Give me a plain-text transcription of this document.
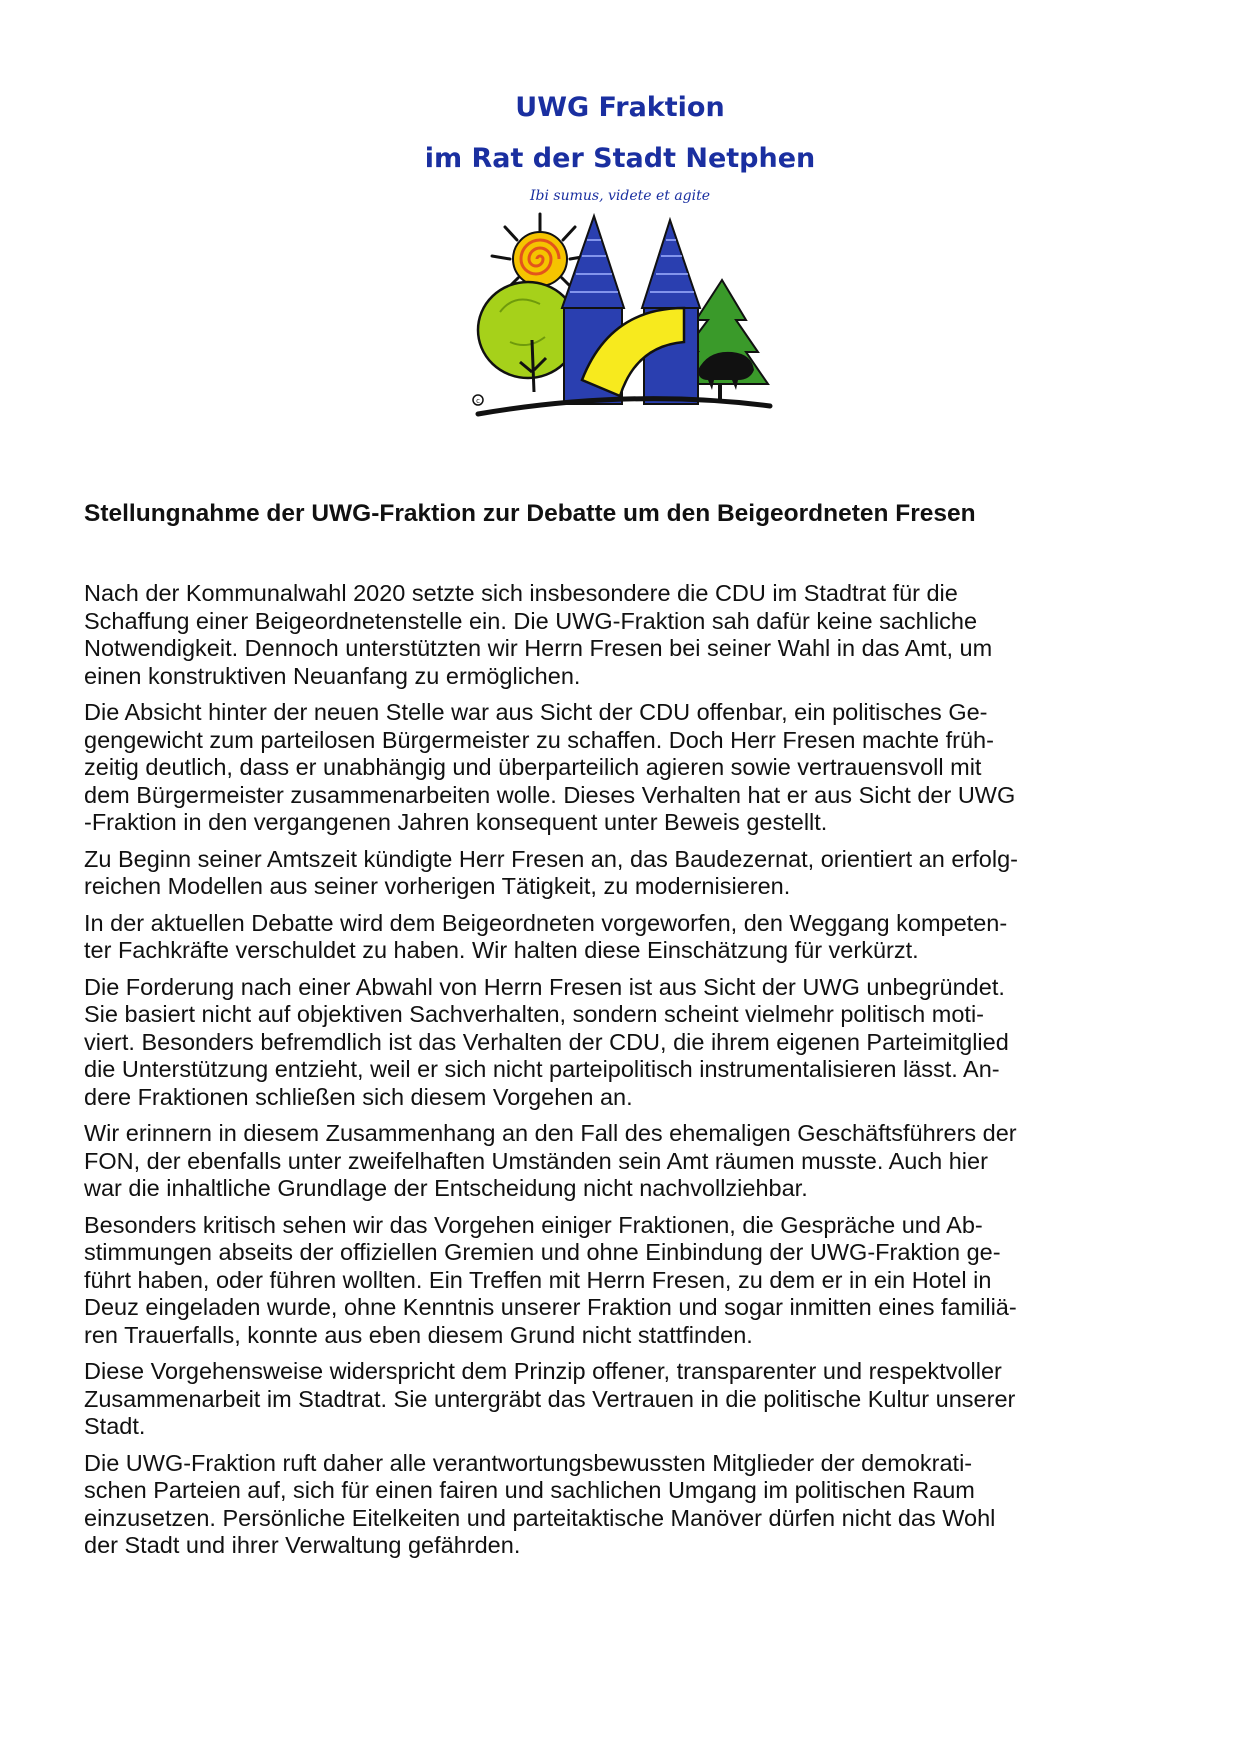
UWG Fraktion
im Rat der Stadt Netphen
Ibi sumus, videte et agite
c
Stellungnahme der UWG-Fraktion zur Debatte um den Beigeordneten Fresen

Nach der Kommunalwahl 2020 setzte sich insbesondere die CDU im Stadtrat für die
Schaffung einer Beigeordnetenstelle ein. Die UWG-Fraktion sah dafür keine sachliche
Notwendigkeit. Dennoch unterstützten wir Herrn Fresen bei seiner Wahl in das Amt, um
einen konstruktiven Neuanfang zu ermöglichen.

Die Absicht hinter der neuen Stelle war aus Sicht der CDU offenbar, ein politisches Ge-
gengewicht zum parteilosen Bürgermeister zu schaffen. Doch Herr Fresen machte früh-
zeitig deutlich, dass er unabhängig und überparteilich agieren sowie vertrauensvoll mit
dem Bürgermeister zusammenarbeiten wolle. Dieses Verhalten hat er aus Sicht der UWG
-Fraktion in den vergangenen Jahren konsequent unter Beweis gestellt.

Zu Beginn seiner Amtszeit kündigte Herr Fresen an, das Baudezernat, orientiert an erfolg-
reichen Modellen aus seiner vorherigen Tätigkeit, zu modernisieren.

In der aktuellen Debatte wird dem Beigeordneten vorgeworfen, den Weggang kompeten-
ter Fachkräfte verschuldet zu haben. Wir halten diese Einschätzung für verkürzt.

Die Forderung nach einer Abwahl von Herrn Fresen ist aus Sicht der UWG unbegründet.
Sie basiert nicht auf objektiven Sachverhalten, sondern scheint vielmehr politisch moti-
viert. Besonders befremdlich ist das Verhalten der CDU, die ihrem eigenen Parteimitglied
die Unterstützung entzieht, weil er sich nicht parteipolitisch instrumentalisieren lässt. An-
dere Fraktionen schließen sich diesem Vorgehen an.

Wir erinnern in diesem Zusammenhang an den Fall des ehemaligen Geschäftsführers der
FON, der ebenfalls unter zweifelhaften Umständen sein Amt räumen musste. Auch hier
war die inhaltliche Grundlage der Entscheidung nicht nachvollziehbar.

Besonders kritisch sehen wir das Vorgehen einiger Fraktionen, die Gespräche und Ab-
stimmungen abseits der offiziellen Gremien und ohne Einbindung der UWG-Fraktion ge-
führt haben, oder führen wollten. Ein Treffen mit Herrn Fresen, zu dem er in ein Hotel in
Deuz eingeladen wurde, ohne Kenntnis unserer Fraktion und sogar inmitten eines familiä-
ren Trauerfalls, konnte aus eben diesem Grund nicht stattfinden.

Diese Vorgehensweise widerspricht dem Prinzip offener, transparenter und respektvoller
Zusammenarbeit im Stadtrat. Sie untergräbt das Vertrauen in die politische Kultur unserer
Stadt.

Die UWG-Fraktion ruft daher alle verantwortungsbewussten Mitglieder der demokrati-
schen Parteien auf, sich für einen fairen und sachlichen Umgang im politischen Raum
einzusetzen. Persönliche Eitelkeiten und parteitaktische Manöver dürfen nicht das Wohl
der Stadt und ihrer Verwaltung gefährden.
